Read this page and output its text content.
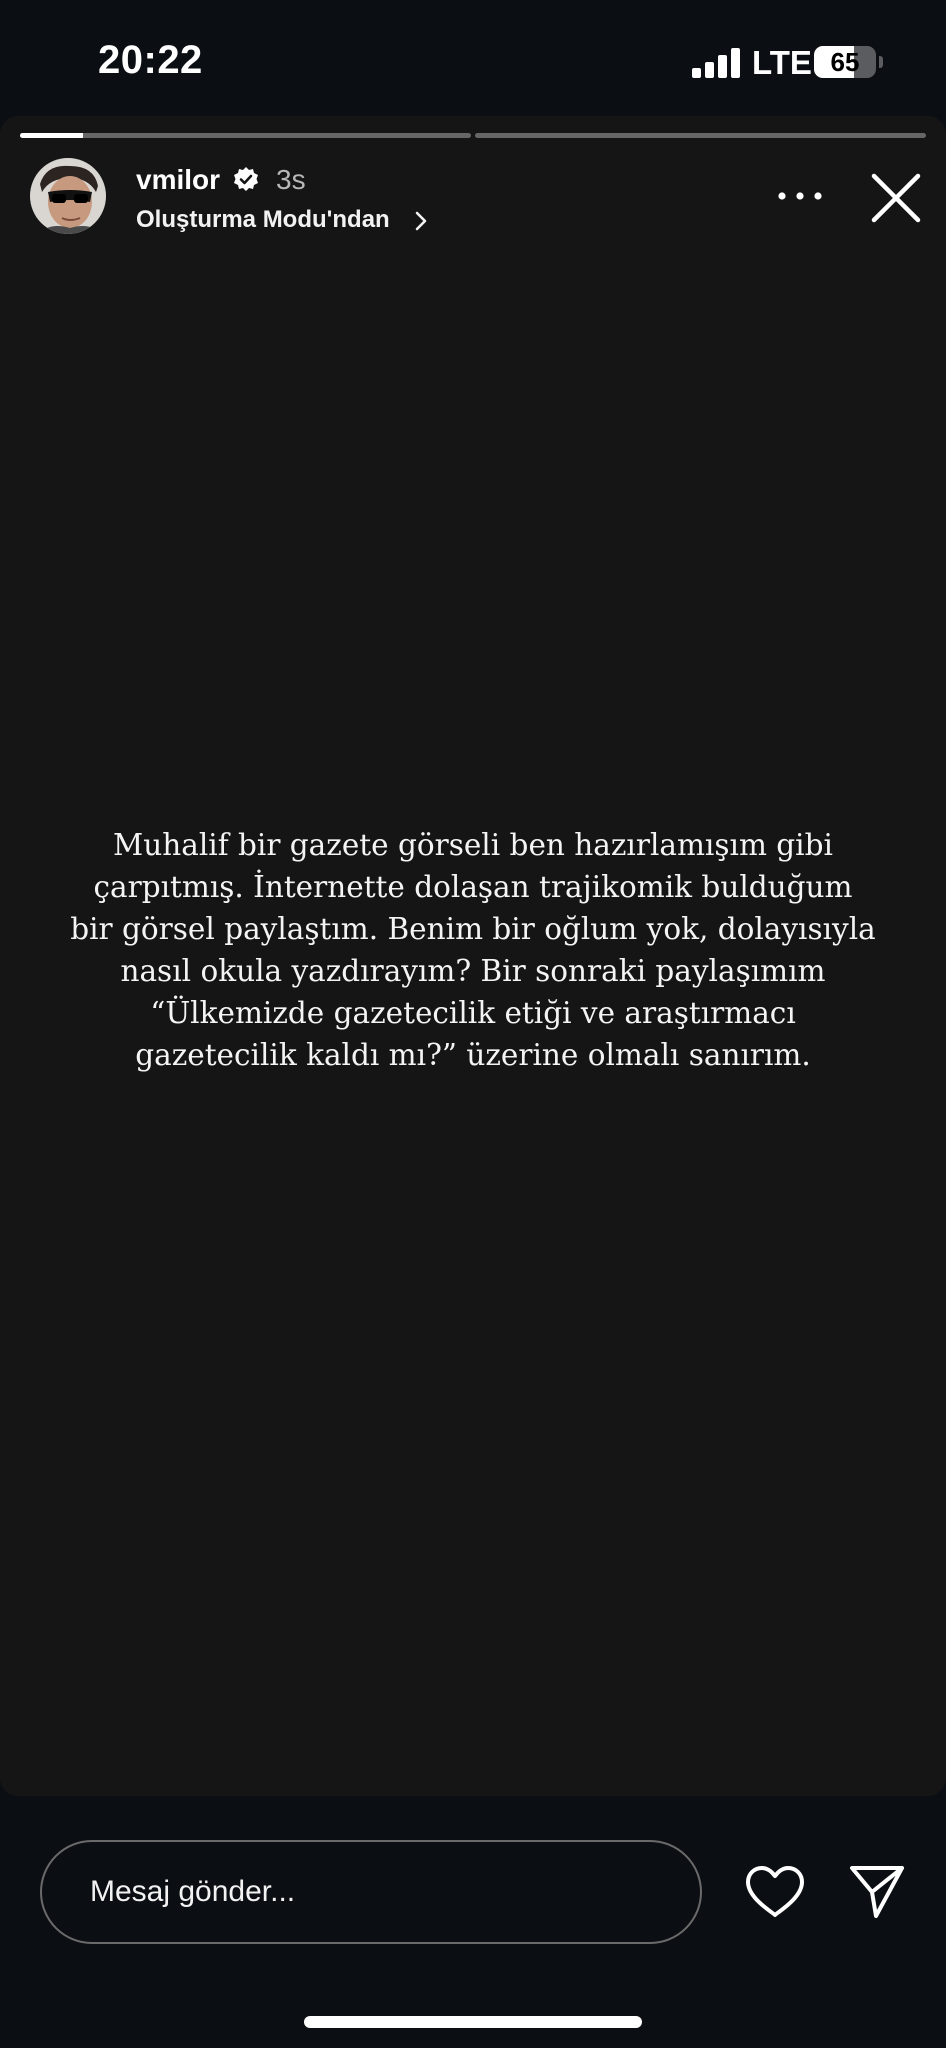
20:22	LTE 65
vmilor 3s
Oluşturma Modu'ndan
Muhalif bir gazete görseli ben hazırlamışım gibi
çarpıtmış. İnternette dolaşan trajikomik bulduğum
bir görsel paylaştım. Benim bir oğlum yok, dolayısıyla
nasıl okula yazdırayım? Bir sonraki paylaşımım
“Ülkemizde gazetecilik etiği ve araştırmacı
gazetecilik kaldı mı?” üzerine olmalı sanırım.
Mesaj gönder...
